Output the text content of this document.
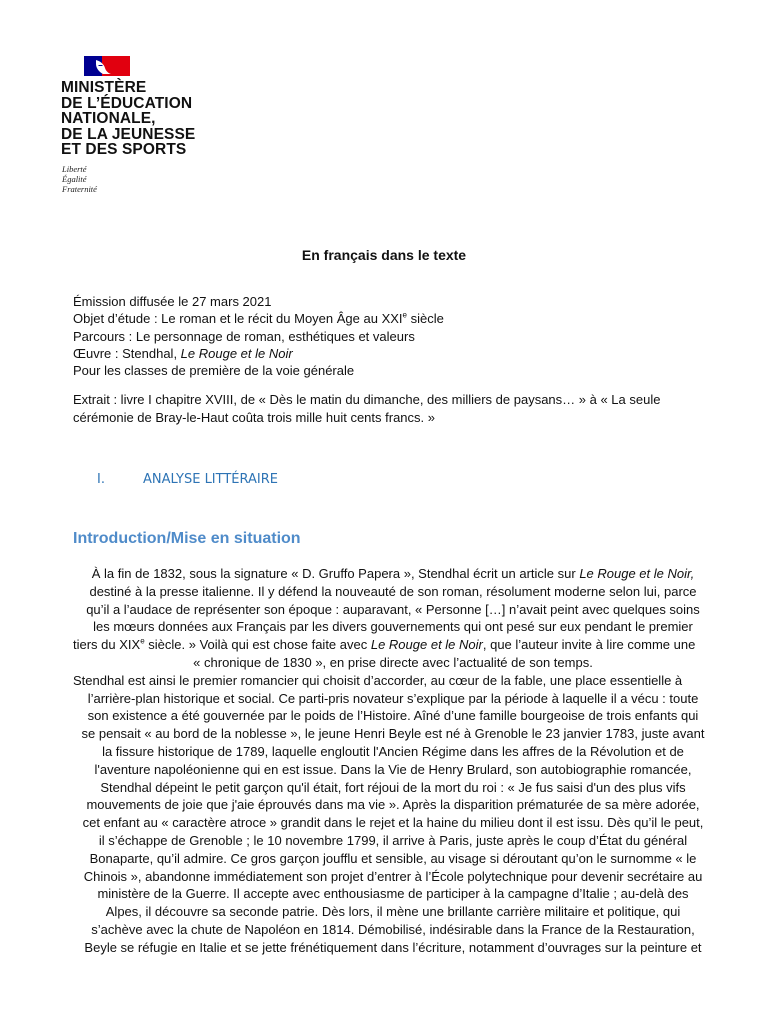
MINISTÈRE
DE L’ÉDUCATION
NATIONALE,
DE LA JEUNESSE
ET DES SPORTS
Liberté
Égalité
Fraternité
En français dans le texte
Émission diffusée le 27 mars 2021
Objet d’étude : Le roman et le récit du Moyen Âge au XXIe siècle
Parcours : Le personnage de roman, esthétiques et valeurs
Œuvre : Stendhal, Le Rouge et le Noir
Pour les classes de première de la voie générale
Extrait : livre I chapitre XVIII, de « Dès le matin du dimanche, des milliers de paysans… » à « La seule cérémonie de Bray-le-Haut coûta trois mille huit cents francs. »
I.	ANALYSE LITTÉRAIRE
Introduction/Mise en situation
À la fin de 1832, sous la signature « D. Gruffo Papera », Stendhal écrit un article sur Le Rouge et le Noir,
destiné à la presse italienne. Il y défend la nouveauté de son roman, résolument moderne selon lui, parce
qu’il a l’audace de représenter son époque : auparavant, « Personne […] n’avait peint avec quelques soins
les mœurs données aux Français par les divers gouvernements qui ont pesé sur eux pendant le premier
tiers du XIXe siècle. » Voilà qui est chose faite avec Le Rouge et le Noir, que l’auteur invite à lire comme une
« chronique de 1830 », en prise directe avec l’actualité de son temps.
Stendhal est ainsi le premier romancier qui choisit d’accorder, au cœur de la fable, une place essentielle à
l’arrière-plan historique et social. Ce parti-pris novateur s’explique par la période à laquelle il a vécu : toute
son existence a été gouvernée par le poids de l’Histoire. Aîné d’une famille bourgeoise de trois enfants qui
se pensait « au bord de la noblesse », le jeune Henri Beyle est né à Grenoble le 23 janvier 1783, juste avant
la fissure historique de 1789, laquelle engloutit l'Ancien Régime dans les affres de la Révolution et de
l'aventure napoléonienne qui en est issue. Dans la Vie de Henry Brulard, son autobiographie romancée,
Stendhal dépeint le petit garçon qu'il était, fort réjoui de la mort du roi : « Je fus saisi d'un des plus vifs
mouvements de joie que j'aie éprouvés dans ma vie ». Après la disparition prématurée de sa mère adorée,
cet enfant au « caractère atroce » grandit dans le rejet et la haine du milieu dont il est issu. Dès qu’il le peut,
il s’échappe de Grenoble ; le 10 novembre 1799, il arrive à Paris, juste après le coup d’État du général
Bonaparte, qu’il admire. Ce gros garçon joufflu et sensible, au visage si déroutant qu’on le surnomme « le
Chinois », abandonne immédiatement son projet d’entrer à l’École polytechnique pour devenir secrétaire au
ministère de la Guerre. Il accepte avec enthousiasme de participer à la campagne d’Italie ; au-delà des
Alpes, il découvre sa seconde patrie. Dès lors, il mène une brillante carrière militaire et politique, qui
s’achève avec la chute de Napoléon en 1814. Démobilisé, indésirable dans la France de la Restauration,
Beyle se réfugie en Italie et se jette frénétiquement dans l’écriture, notamment d’ouvrages sur la peinture et
